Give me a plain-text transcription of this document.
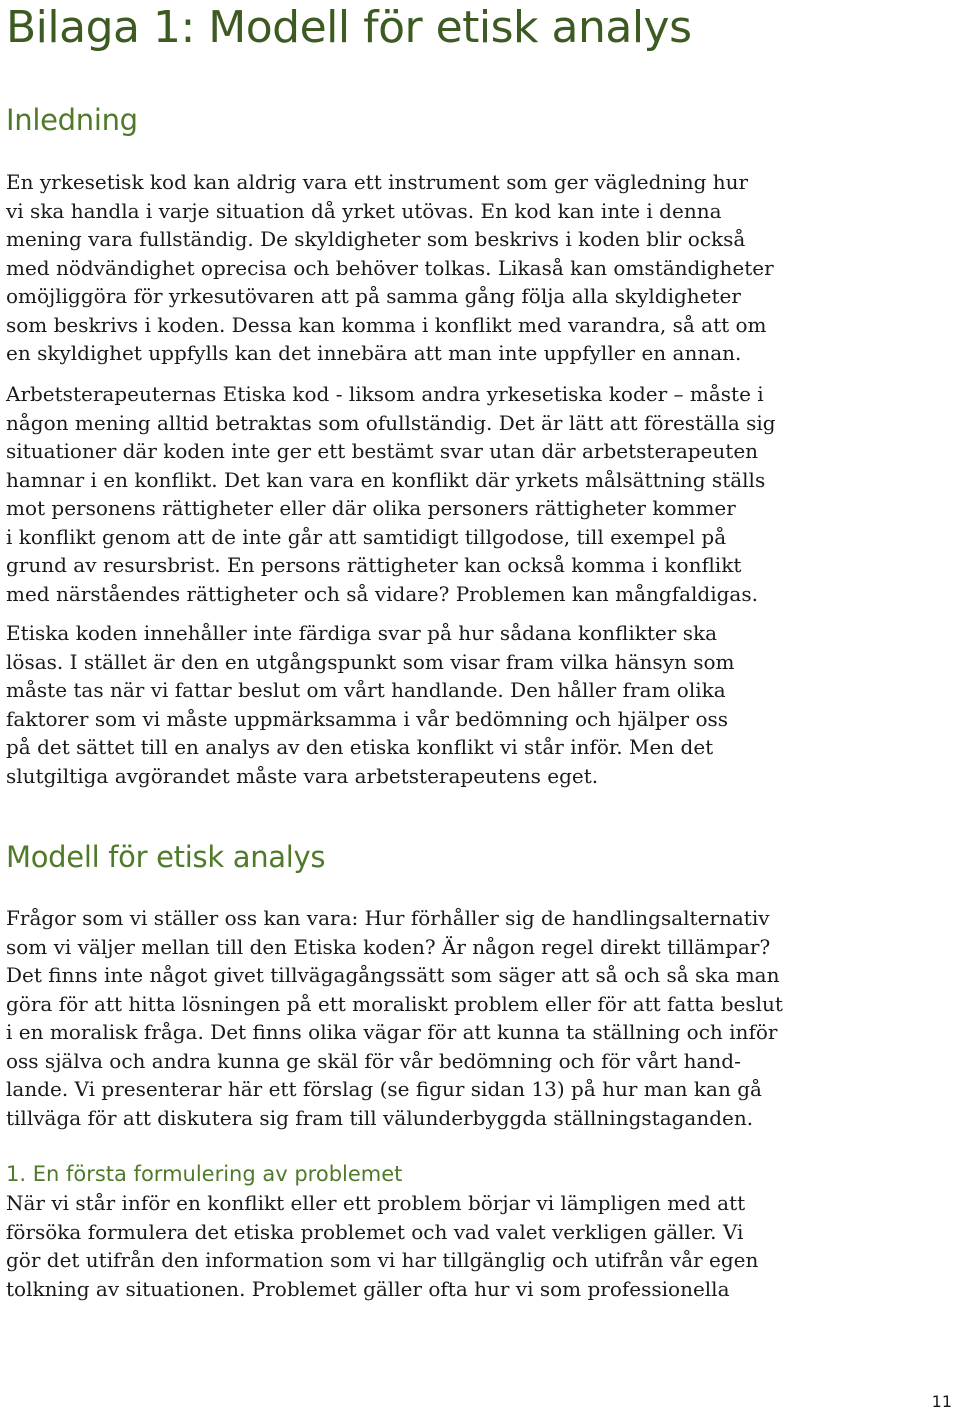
Bilaga 1: Modell för etisk analys
Inledning

En yrkesetisk kod kan aldrig vara ett instrument som ger vägledning hur
vi ska handla i varje situation då yrket utövas. En kod kan inte i denna
mening vara fullständig. De skyldigheter som beskrivs i koden blir också
med nödvändighet oprecisa och behöver tolkas. Likaså kan omständigheter
omöjliggöra för yrkesutövaren att på samma gång följa alla skyldigheter
som beskrivs i koden. Dessa kan komma i konflikt med varandra, så att om
en skyldighet uppfylls kan det innebära att man inte uppfyller en annan.

Arbetsterapeuternas Etiska kod - liksom andra yrkesetiska koder – måste i
någon mening alltid betraktas som ofullständig. Det är lätt att föreställa sig
situationer där koden inte ger ett bestämt svar utan där arbetsterapeuten
hamnar i en konflikt. Det kan vara en konflikt där yrkets målsättning ställs
mot personens rättigheter eller där olika personers rättigheter kommer
i konflikt genom att de inte går att samtidigt tillgodose, till exempel på
grund av resursbrist. En persons rättigheter kan också komma i konflikt
med närståendes rättigheter och så vidare? Problemen kan mångfaldigas.

Etiska koden innehåller inte färdiga svar på hur sådana konflikter ska
lösas. I stället är den en utgångspunkt som visar fram vilka hänsyn som
måste tas när vi fattar beslut om vårt handlande. Den håller fram olika
faktorer som vi måste uppmärksamma i vår bedömning och hjälper oss
på det sättet till en analys av den etiska konflikt vi står inför. Men det
slutgiltiga avgörandet måste vara arbetsterapeutens eget.

Modell för etisk analys

Frågor som vi ställer oss kan vara: Hur förhåller sig de handlingsalternativ
som vi väljer mellan till den Etiska koden? Är någon regel direkt tillämpar?
Det finns inte något givet tillvägagångssätt som säger att så och så ska man
göra för att hitta lösningen på ett moraliskt problem eller för att fatta beslut
i en moralisk fråga. Det finns olika vägar för att kunna ta ställning och inför
oss själva och andra kunna ge skäl för vår bedömning och för vårt hand-
lande. Vi presenterar här ett förslag (se figur sidan 13) på hur man kan gå
tillväga för att diskutera sig fram till välunderbyggda ställningstaganden.

1. En första formulering av problemet

När vi står inför en konflikt eller ett problem börjar vi lämpligen med att
försöka formulera det etiska problemet och vad valet verkligen gäller. Vi
gör det utifrån den information som vi har tillgänglig och utifrån vår egen
tolkning av situationen. Problemet gäller ofta hur vi som professionella

11
